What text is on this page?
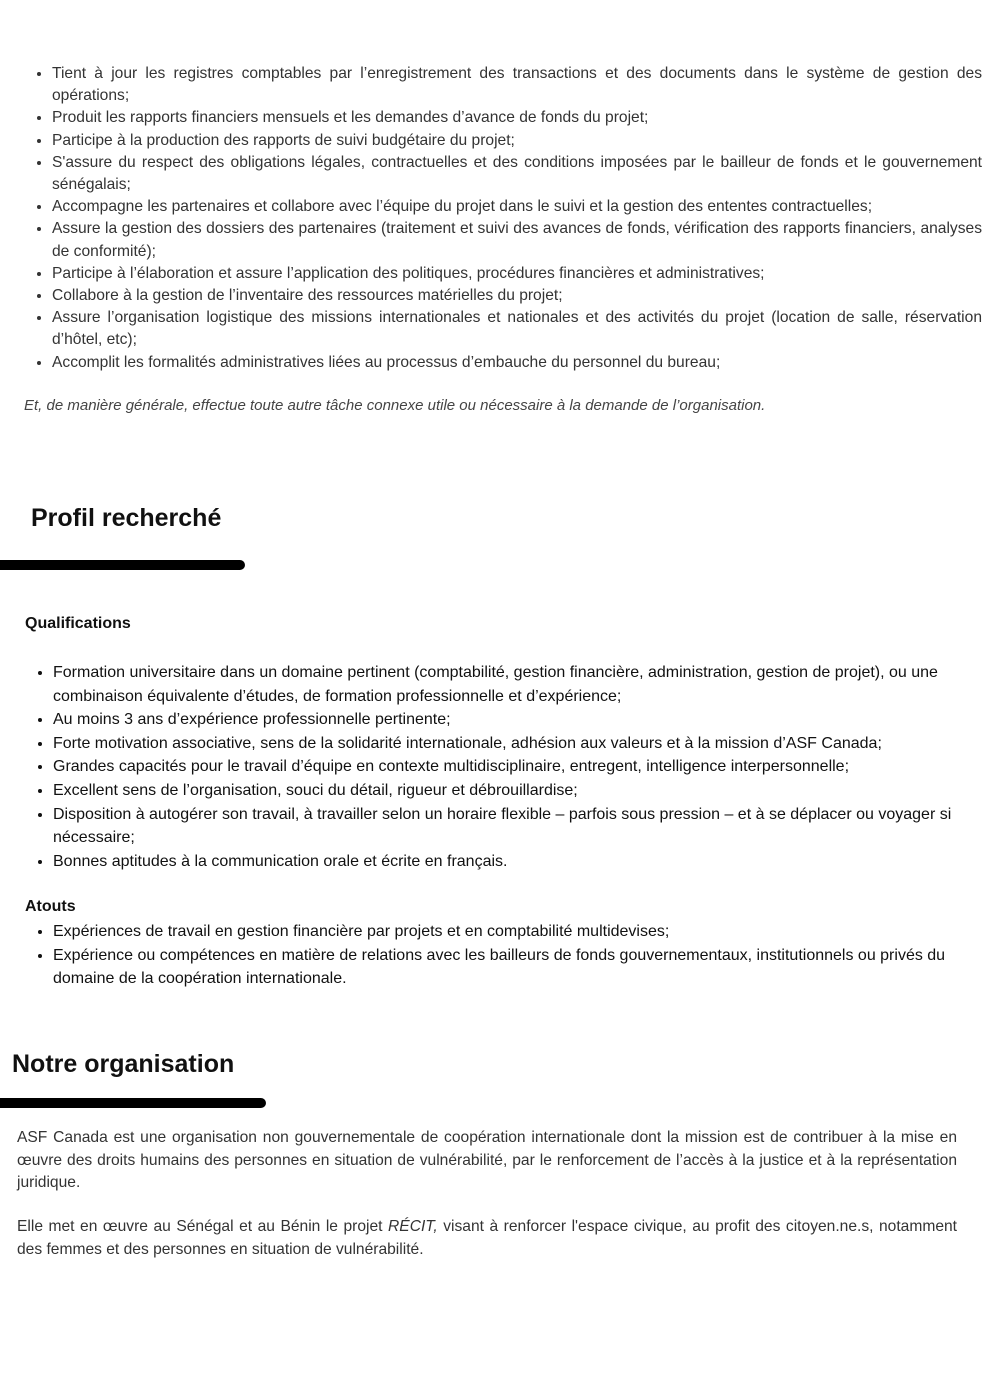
• Tient à jour les registres comptables par l’enregistrement des transactions et des documents dans le système de gestion des opérations;
• Produit les rapports financiers mensuels et les demandes d’avance de fonds du projet;
• Participe à la production des rapports de suivi budgétaire du projet;
• S'assure du respect des obligations légales, contractuelles et des conditions imposées par le bailleur de fonds et le gouvernement sénégalais;
• Accompagne les partenaires et collabore avec l’équipe du projet dans le suivi et la gestion des ententes contractuelles;
• Assure la gestion des dossiers des partenaires (traitement et suivi des avances de fonds, vérification des rapports financiers, analyses de conformité);
• Participe à l’élaboration et assure l’application des politiques, procédures financières et administratives;
• Collabore à la gestion de l’inventaire des ressources matérielles du projet;
• Assure l’organisation logistique des missions internationales et nationales et des activités du projet (location de salle, réservation d’hôtel, etc);
• Accomplit les formalités administratives liées au processus d’embauche du personnel du bureau;

Et, de manière générale, effectue toute autre tâche connexe utile ou nécessaire à la demande de l’organisation.

Profil recherché
Qualifications
• Formation universitaire dans un domaine pertinent (comptabilité, gestion financière, administration, gestion de projet), ou une combinaison équivalente d’études, de formation professionnelle et d’expérience;
• Au moins 3 ans d’expérience professionnelle pertinente;
• Forte motivation associative, sens de la solidarité internationale, adhésion aux valeurs et à la mission d’ASF Canada;
• Grandes capacités pour le travail d’équipe en contexte multidisciplinaire, entregent, intelligence interpersonnelle;
• Excellent sens de l’organisation, souci du détail, rigueur et débrouillardise;
• Disposition à autogérer son travail, à travailler selon un horaire flexible – parfois sous pression – et à se déplacer ou voyager si nécessaire;
• Bonnes aptitudes à la communication orale et écrite en français.
Atouts
• Expériences de travail en gestion financière par projets et en comptabilité multidevises;
• Expérience ou compétences en matière de relations avec les bailleurs de fonds gouvernementaux, institutionnels ou privés du domaine de la coopération internationale.
Notre organisation

ASF Canada est une organisation non gouvernementale de coopération internationale dont la mission est de contribuer à la mise en œuvre des droits humains des personnes en situation de vulnérabilité, par le renforcement de l’accès à la justice et à la représentation juridique.

Elle met en œuvre au Sénégal et au Bénin le projet RÉCIT, visant à renforcer l'espace civique, au profit des citoyen.ne.s, notamment des femmes et des personnes en situation de vulnérabilité.
